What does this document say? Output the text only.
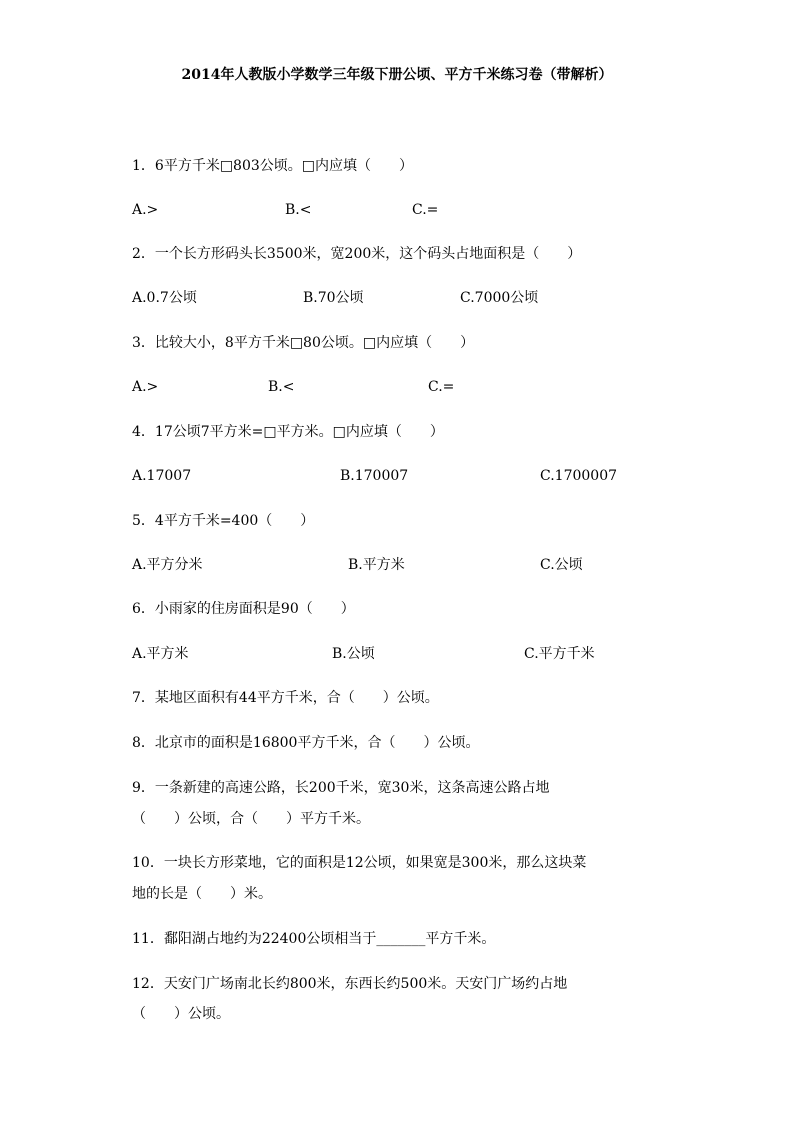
2014年人教版小学数学三年级下册公顷、平方千米练习卷（带解析）
1．6平方千米□803公顷。□内应填（　　）
A.>	B.<	C.=
2．一个长方形码头长3500米，宽200米，这个码头占地面积是（　　）
A.0.7公顷	B.70公顷	C.7000公顷
3．比较大小，8平方千米□80公顷。□内应填（　　）
A.>	B.<	C.=
4．17公顷7平方米=□平方米。□内应填（　　）
A.17007	B.170007	C.1700007
5．4平方千米=400（　　）
A.平方分米	B.平方米	C.公顷
6．小雨家的住房面积是90（　　）
A.平方米	B.公顷	C.平方千米
7．某地区面积有44平方千米，合（　　）公顷。
8．北京市的面积是16800平方千米，合（　　）公顷。
9．一条新建的高速公路，长200千米，宽30米，这条高速公路占地
（　　）公顷，合（　　）平方千米。
10．一块长方形菜地，它的面积是12公顷，如果宽是300米，那么这块菜
地的长是（　　）米。
11．鄱阳湖占地约为22400公顷相当于_______平方千米。
12．天安门广场南北长约800米，东西长约500米。天安门广场约占地
（　　）公顷。
